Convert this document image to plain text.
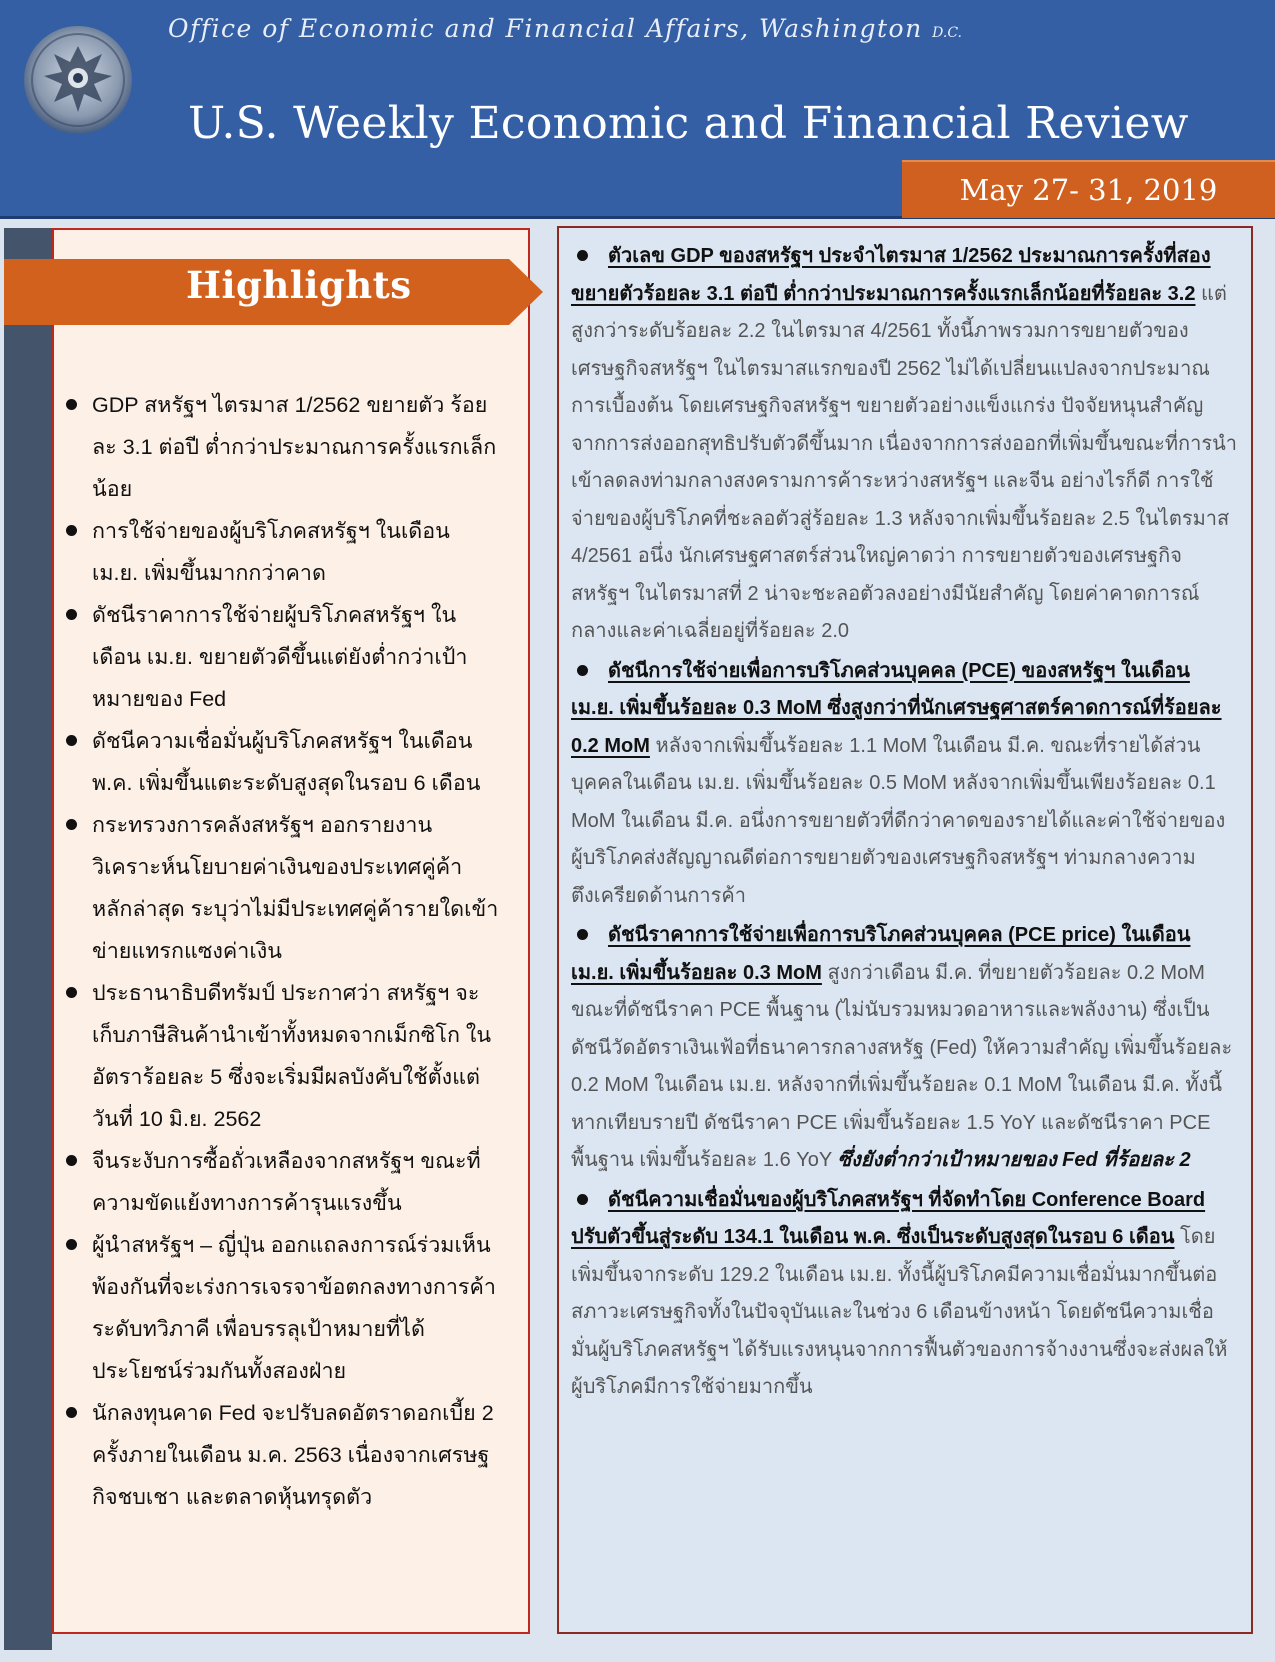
Office of Economic and Financial Affairs, Washington D.C.
U.S. Weekly Economic and Financial Review
May 27- 31, 2019
Highlights
GDP สหรัฐฯ ไตรมาส 1/2562 ขยายตัว ร้อยละ 3.1 ต่อปี ต่ำกว่าประมาณการครั้งแรกเล็กน้อย
การใช้จ่ายของผู้บริโภคสหรัฐฯ ในเดือน เม.ย. เพิ่มขึ้นมากกว่าคาด
ดัชนีราคาการใช้จ่ายผู้บริโภคสหรัฐฯ ในเดือน เม.ย. ขยายตัวดีขึ้นแต่ยังต่ำกว่าเป้าหมายของ Fed
ดัชนีความเชื่อมั่นผู้บริโภคสหรัฐฯ ในเดือน พ.ค. เพิ่มขึ้นแตะระดับสูงสุดในรอบ 6 เดือน
กระทรวงการคลังสหรัฐฯ ออกรายงานวิเคราะห์นโยบายค่าเงินของประเทศคู่ค้าหลักล่าสุด ระบุว่าไม่มีประเทศคู่ค้ารายใดเข้าข่ายแทรกแซงค่าเงิน
ประธานาธิบดีทรัมป์ ประกาศว่า สหรัฐฯ จะเก็บภาษีสินค้านำเข้าทั้งหมดจากเม็กซิโก ในอัตราร้อยละ 5 ซึ่งจะเริ่มมีผลบังคับใช้ตั้งแต่วันที่ 10 มิ.ย. 2562
จีนระงับการซื้อถั่วเหลืองจากสหรัฐฯ ขณะที่ความขัดแย้งทางการค้ารุนแรงขึ้น
ผู้นำสหรัฐฯ – ญี่ปุ่น ออกแถลงการณ์ร่วมเห็นพ้องกันที่จะเร่งการเจรจาข้อตกลงทางการค้าระดับทวิภาคี เพื่อบรรลุเป้าหมายที่ได้ประโยชน์ร่วมกันทั้งสองฝ่าย
นักลงทุนคาด Fed จะปรับลดอัตราดอกเบี้ย 2 ครั้งภายในเดือน ม.ค. 2563 เนื่องจากเศรษฐกิจชบเชา และตลาดหุ้นทรุดตัว
ตัวเลข GDP ของสหรัฐฯ ประจำไตรมาส 1/2562 ประมาณการครั้งที่สอง ขยายตัวร้อยละ 3.1 ต่อปี ต่ำกว่าประมาณการครั้งแรกเล็กน้อยที่ร้อยละ 3.2 แต่สูงกว่าระดับร้อยละ 2.2 ในไตรมาส 4/2561 ทั้งนี้ภาพรวมการขยายตัวของเศรษฐกิจสหรัฐฯ ในไตรมาสแรกของปี 2562 ไม่ได้เปลี่ยนแปลงจากประมาณการเบื้องต้น โดยเศรษฐกิจสหรัฐฯ ขยายตัวอย่างแข็งแกร่ง ปัจจัยหนุนสำคัญจากการส่งออกสุทธิปรับตัวดีขึ้นมาก เนื่องจากการส่งออกที่เพิ่มขึ้นขณะที่การนำเข้าลดลงท่ามกลางสงครามการค้าระหว่างสหรัฐฯ และจีน อย่างไรก็ดี การใช้จ่ายของผู้บริโภคที่ชะลอตัวสู่ร้อยละ 1.3 หลังจากเพิ่มขึ้นร้อยละ 2.5 ในไตรมาส 4/2561 อนึ่ง นักเศรษฐศาสตร์ส่วนใหญ่คาดว่า การขยายตัวของเศรษฐกิจสหรัฐฯ ในไตรมาสที่ 2 น่าจะชะลอตัวลงอย่างมีนัยสำคัญ โดยค่าคาดการณ์กลางและค่าเฉลี่ยอยู่ที่ร้อยละ 2.0
ดัชนีการใช้จ่ายเพื่อการบริโภคส่วนบุคคล (PCE) ของสหรัฐฯ ในเดือน เม.ย. เพิ่มขึ้นร้อยละ 0.3 MoM ซึ่งสูงกว่าที่นักเศรษฐศาสตร์คาดการณ์ที่ร้อยละ 0.2 MoM หลังจากเพิ่มขึ้นร้อยละ 1.1 MoM ในเดือน มี.ค. ขณะที่รายได้ส่วนบุคคลในเดือน เม.ย. เพิ่มขึ้นร้อยละ 0.5 MoM หลังจากเพิ่มขึ้นเพียงร้อยละ 0.1 MoM ในเดือน มี.ค. อนึ่งการขยายตัวที่ดีกว่าคาดของรายได้และค่าใช้จ่ายของผู้บริโภคส่งสัญญาณดีต่อการขยายตัวของเศรษฐกิจสหรัฐฯ ท่ามกลางความตึงเครียดด้านการค้า
ดัชนีราคาการใช้จ่ายเพื่อการบริโภคส่วนบุคคล (PCE price) ในเดือน เม.ย. เพิ่มขึ้นร้อยละ 0.3 MoM สูงกว่าเดือน มี.ค. ที่ขยายตัวร้อยละ 0.2 MoM ขณะที่ดัชนีราคา PCE พื้นฐาน (ไม่นับรวมหมวดอาหารและพลังงาน) ซึ่งเป็นดัชนีวัดอัตราเงินเฟ้อที่ธนาคารกลางสหรัฐ (Fed) ให้ความสำคัญ เพิ่มขึ้นร้อยละ 0.2 MoM ในเดือน เม.ย. หลังจากที่เพิ่มขึ้นร้อยละ 0.1 MoM ในเดือน มี.ค. ทั้งนี้หากเทียบรายปี ดัชนีราคา PCE เพิ่มขึ้นร้อยละ 1.5 YoY และดัชนีราคา PCE พื้นฐาน เพิ่มขึ้นร้อยละ 1.6 YoY ซึ่งยังต่ำกว่าเป้าหมายของ Fed ที่ร้อยละ 2
ดัชนีความเชื่อมั่นของผู้บริโภคสหรัฐฯ ที่จัดทำโดย Conference Board ปรับตัวขึ้นสู่ระดับ 134.1 ในเดือน พ.ค. ซึ่งเป็นระดับสูงสุดในรอบ 6 เดือน โดยเพิ่มขึ้นจากระดับ 129.2 ในเดือน เม.ย. ทั้งนี้ผู้บริโภคมีความเชื่อมั่นมากขึ้นต่อสภาวะเศรษฐกิจทั้งในปัจจุบันและในช่วง 6 เดือนข้างหน้า โดยดัชนีความเชื่อมั่นผู้บริโภคสหรัฐฯ ได้รับแรงหนุนจากการฟื้นตัวของการจ้างงานซึ่งจะส่งผลให้ผู้บริโภคมีการใช้จ่ายมากขึ้น
